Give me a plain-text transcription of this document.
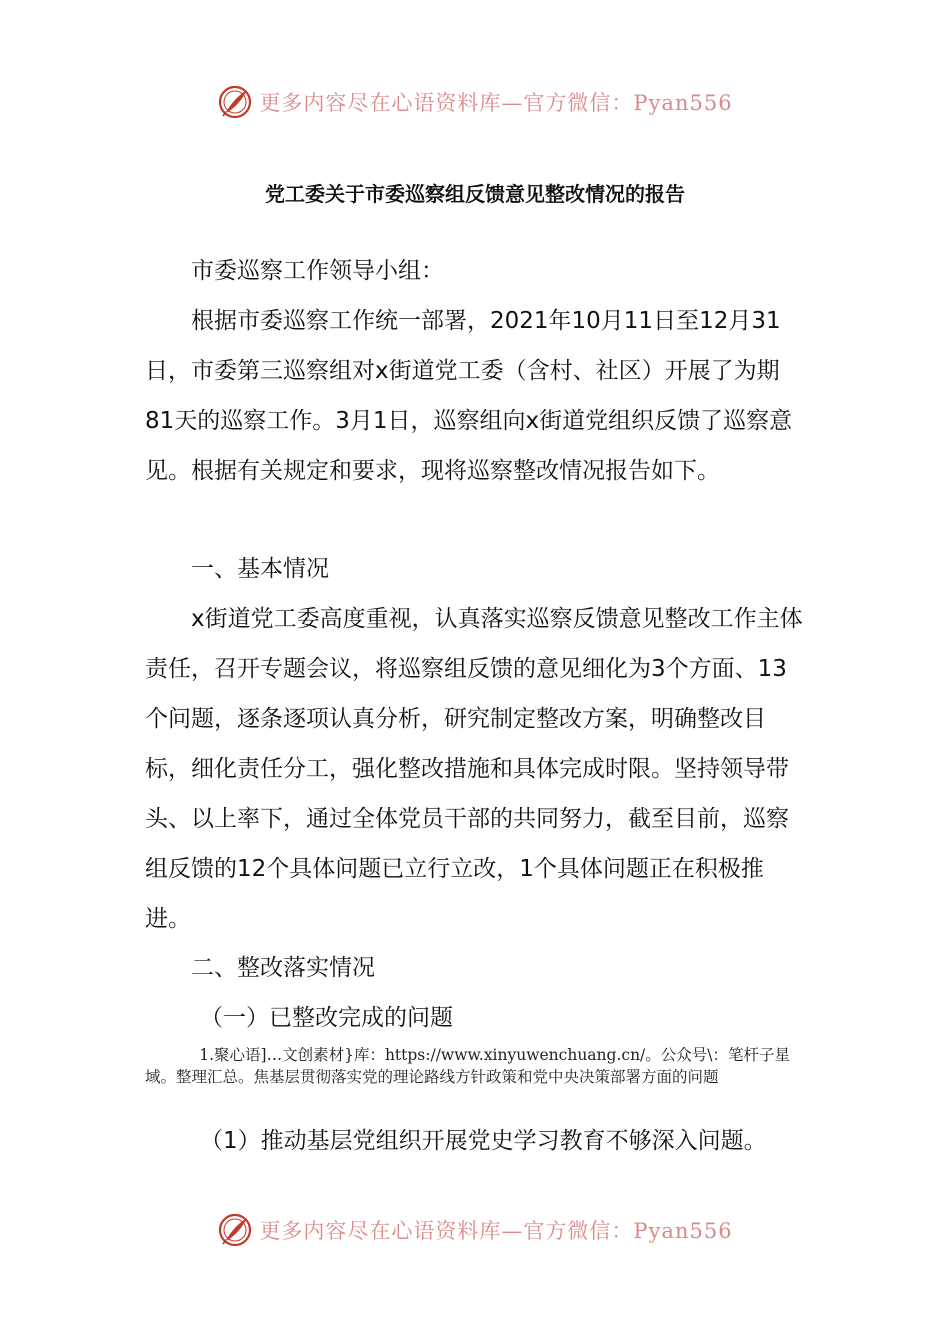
更多内容尽在心语资料库—官方微信：Pyan556
党工委关于市委巡察组反馈意见整改情况的报告

市委巡察工作领导小组：

根据市委巡察工作统一部署，2021年10月11日至12月31日，市委第三巡察组对x街道党工委（含村、社区）开展了为期81天的巡察工作。3月1日，巡察组向x街道党组织反馈了巡察意见。根据有关规定和要求，现将巡察整改情况报告如下。

一、基本情况

x街道党工委高度重视，认真落实巡察反馈意见整改工作主体责任，召开专题会议，将巡察组反馈的意见细化为3个方面、13个问题，逐条逐项认真分析，研究制定整改方案，明确整改目标，细化责任分工，强化整改措施和具体完成时限。坚持领导带头、以上率下，通过全体党员干部的共同努力，截至目前，巡察组反馈的12个具体问题已立行立改，1个具体问题正在积极推进。

二、整改落实情况

（一）已整改完成的问题

1.聚心语]…文创素材}库：https://www.xinyuwenchuang.cn/。公众号\：笔杆子星域。整理汇总。焦基层贯彻落实党的理论路线方针政策和党中央决策部署方面的问题

（1）推动基层党组织开展党史学习教育不够深入问题。

更多内容尽在心语资料库—官方微信：Pyan556
